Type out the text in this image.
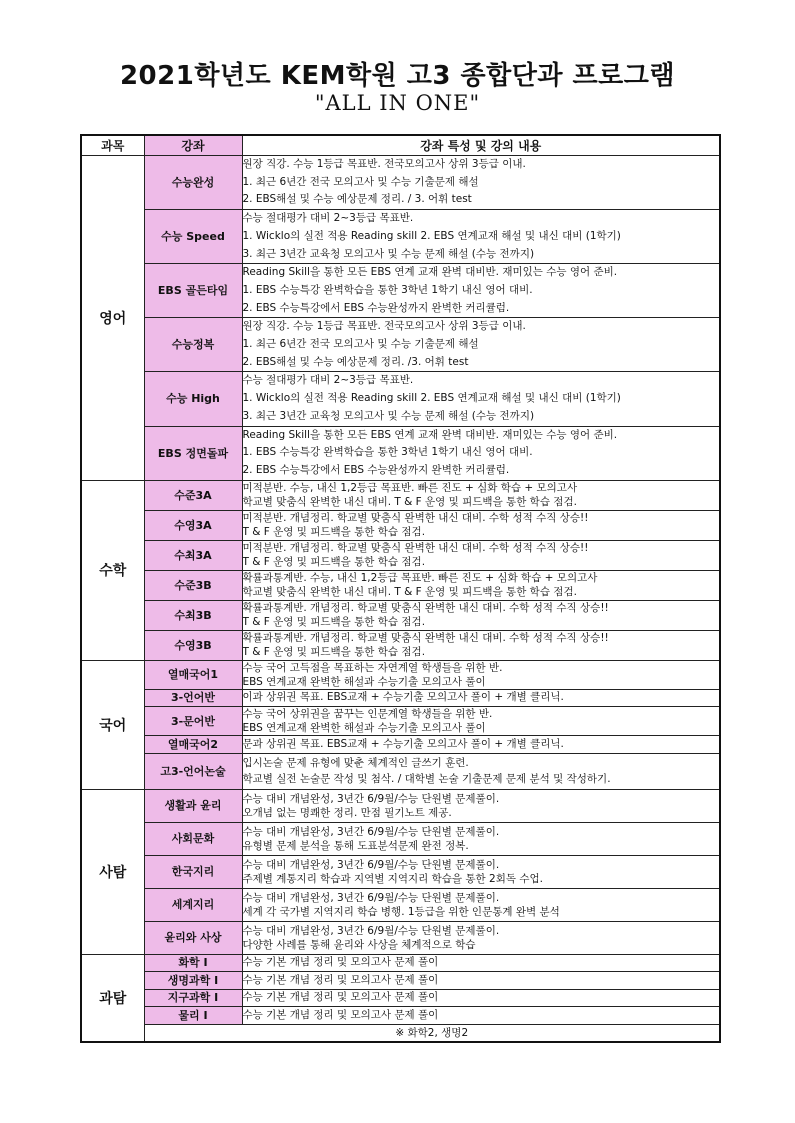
2021학년도 KEM학원 고3 종합단과 프로그램
"ALL IN ONE"
과목	강좌	강좌 특성 및 강의 내용
영어	수능완성	원장 직강. 수능 1등급 목표반. 전국모의고사 상위 3등급 이내.
1. 최근 6년간 전국 모의고사 및 수능 기출문제 해설
2. EBS해설 및 수능 예상문제 정리. / 3. 어휘 test

	수능 Speed	수능 절대평가 대비 2~3등급 목표반.
1. Wicklo의 실전 적용 Reading skill 2. EBS 연계교재 해설 및 내신 대비 (1학기)
3. 최근 3년간 교육청 모의고사 및 수능 문제 해설 (수능 전까지)

	EBS 골든타임	Reading Skill을 통한 모든 EBS 연계 교재 완벽 대비반. 재미있는 수능 영어 준비.
1. EBS 수능특강 완벽학습을 통한 3학년 1학기 내신 영어 대비.
2. EBS 수능특강에서 EBS 수능완성까지 완벽한 커리큘럼.

	수능정복	원장 직강. 수능 1등급 목표반. 전국모의고사 상위 3등급 이내.
1. 최근 6년간 전국 모의고사 및 수능 기출문제 해설
2. EBS해설 및 수능 예상문제 정리. /3. 어휘 test

	수능 High	수능 절대평가 대비 2~3등급 목표반.
1. Wicklo의 실전 적용 Reading skill 2. EBS 연계교재 해설 및 내신 대비 (1학기)
3. 최근 3년간 교육청 모의고사 및 수능 문제 해설 (수능 전까지)

	EBS 정면돌파	Reading Skill을 통한 모든 EBS 연계 교재 완벽 대비반. 재미있는 수능 영어 준비.
1. EBS 수능특강 완벽학습을 통한 3학년 1학기 내신 영어 대비.
2. EBS 수능특강에서 EBS 수능완성까지 완벽한 커리큘럼.

수학	수준3A	미적분반. 수능, 내신 1,2등급 목표반. 빠른 진도 + 심화 학습 + 모의고사
학교별 맞춤식 완벽한 내신 대비. T & F 운영 및 피드백을 통한 학습 점검.

	수영3A	미적분반. 개념정리. 학교별 맞춤식 완벽한 내신 대비. 수학 성적 수직 상승!!
T & F 운영 및 피드백을 통한 학습 점검.

	수최3A	미적분반. 개념정리. 학교별 맞춤식 완벽한 내신 대비. 수학 성적 수직 상승!!
T & F 운영 및 피드백을 통한 학습 점검.

	수준3B	확률과통계반. 수능, 내신 1,2등급 목표반. 빠른 진도 + 심화 학습 + 모의고사
학교별 맞춤식 완벽한 내신 대비. T & F 운영 및 피드백을 통한 학습 점검.

	수최3B	확률과통계반. 개념정리. 학교별 맞춤식 완벽한 내신 대비. 수학 성적 수직 상승!!
T & F 운영 및 피드백을 통한 학습 점검.

	수영3B	확률과통계반. 개념정리. 학교별 맞춤식 완벽한 내신 대비. 수학 성적 수직 상승!!
T & F 운영 및 피드백을 통한 학습 점검.

국어	열매국어1	수능 국어 고득점을 목표하는 자연계열 학생들을 위한 반.
EBS 연계교재 완벽한 해설과 수능기출 모의고사 풀이

	3-언어반	이과 상위권 목표. EBS교재 + 수능기출 모의고사 풀이 + 개별 클리닉.

	3-문어반	수능 국어 상위권을 꿈꾸는 인문계열 학생들을 위한 반.
EBS 연계교재 완벽한 해설과 수능기출 모의고사 풀이

	열매국어2	문과 상위권 목표. EBS교재 + 수능기출 모의고사 풀이 + 개별 클리닉.

	고3-언어논술	입시논술 문제 유형에 맞춘 체계적인 글쓰기 훈련.
학교별 실전 논술문 작성 및 첨삭. / 대학별 논술 기출문제 문제 분석 및 작성하기.

사탐	생활과 윤리	수능 대비 개념완성, 3년간 6/9월/수능 단원별 문제풀이.
오개념 없는 명쾌한 정리. 만점 필기노트 제공.

	사회문화	수능 대비 개념완성, 3년간 6/9월/수능 단원별 문제풀이.
유형별 문제 분석을 통해 도표분석문제 완전 정복.

	한국지리	수능 대비 개념완성, 3년간 6/9월/수능 단원별 문제풀이.
주제별 계통지리 학습과 지역별 지역지리 학습을 통한 2회독 수업.

	세계지리	수능 대비 개념완성, 3년간 6/9월/수능 단원별 문제풀이.
세계 각 국가별 지역지리 학습 병행. 1등급을 위한 인문통계 완벽 분석

	윤리와 사상	수능 대비 개념완성, 3년간 6/9월/수능 단원별 문제풀이.
다양한 사례를 통해 윤리와 사상을 체계적으로 학습

과탐	화학 I	수능 기본 개념 정리 및 모의고사 문제 풀이

	생명과학 I	수능 기본 개념 정리 및 모의고사 문제 풀이

	지구과학 I	수능 기본 개념 정리 및 모의고사 문제 풀이

	물리 I	수능 기본 개념 정리 및 모의고사 문제 풀이

	※ 화학2, 생명2	
